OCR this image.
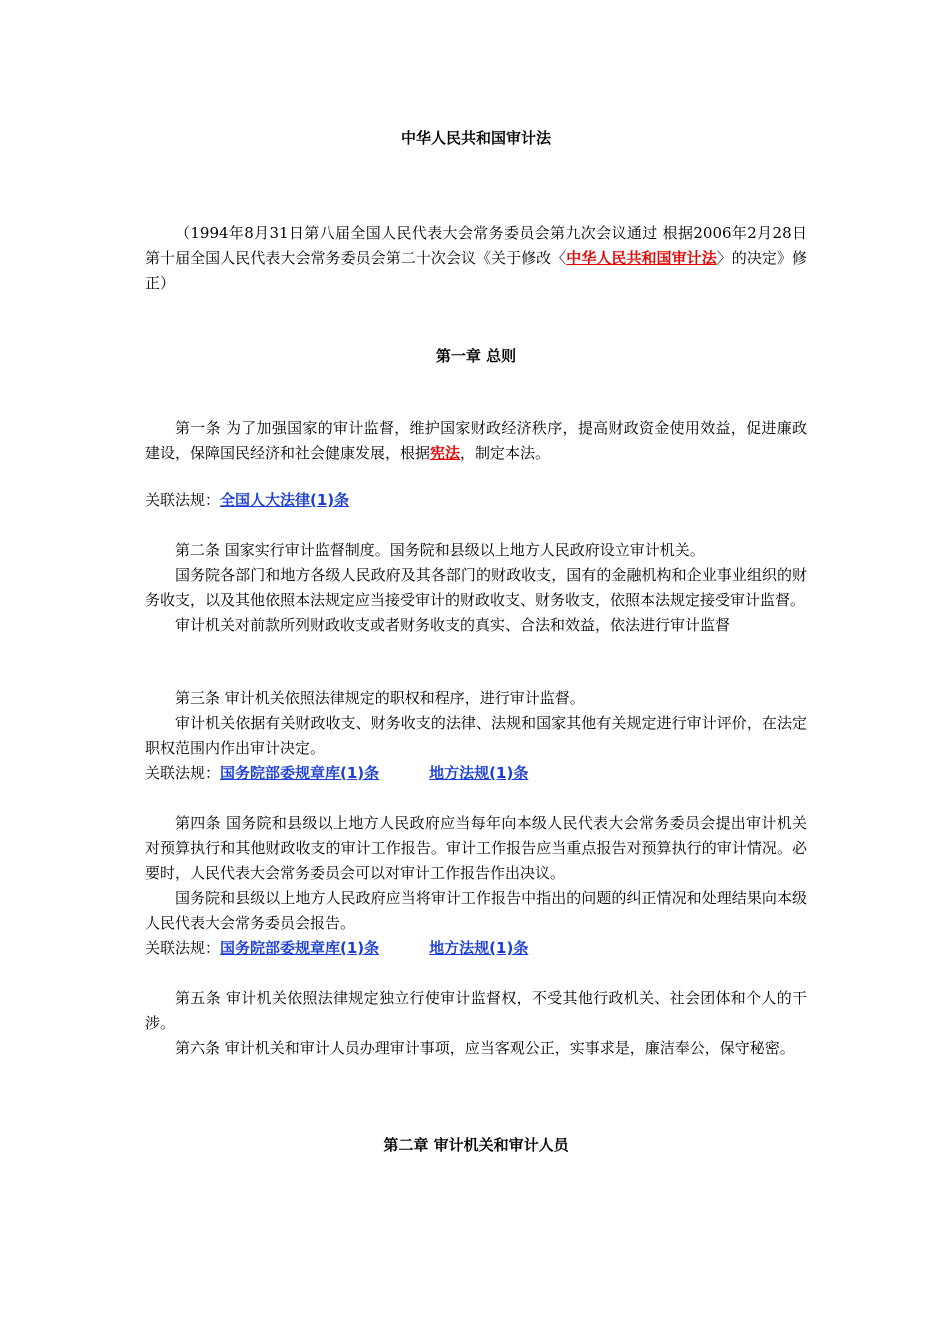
中华人民共和国审计法

（1994年8月31日第八届全国人民代表大会常务委员会第九次会议通过 根据2006年2月28日第十届全国人民代表大会常务委员会第二十次会议《关于修改〈中华人民共和国审计法〉的决定》修正）

第一章 总则

第一条 为了加强国家的审计监督，维护国家财政经济秩序，提高财政资金使用效益，促进廉政建设，保障国民经济和社会健康发展，根据宪法，制定本法。

关联法规：全国人大法律(1)条

第二条 国家实行审计监督制度。国务院和县级以上地方人民政府设立审计机关。

国务院各部门和地方各级人民政府及其各部门的财政收支，国有的金融机构和企业事业组织的财务收支，以及其他依照本法规定应当接受审计的财政收支、财务收支，依照本法规定接受审计监督。

审计机关对前款所列财政收支或者财务收支的真实、合法和效益，依法进行审计监督

第三条 审计机关依照法律规定的职权和程序，进行审计监督。

审计机关依据有关财政收支、财务收支的法律、法规和国家其他有关规定进行审计评价，在法定职权范围内作出审计决定。

关联法规：国务院部委规章库(1)条	地方法规(1)条

第四条 国务院和县级以上地方人民政府应当每年向本级人民代表大会常务委员会提出审计机关对预算执行和其他财政收支的审计工作报告。审计工作报告应当重点报告对预算执行的审计情况。必要时，人民代表大会常务委员会可以对审计工作报告作出决议。

国务院和县级以上地方人民政府应当将审计工作报告中指出的问题的纠正情况和处理结果向本级人民代表大会常务委员会报告。

关联法规：国务院部委规章库(1)条	地方法规(1)条

第五条 审计机关依照法律规定独立行使审计监督权，不受其他行政机关、社会团体和个人的干涉。

第六条 审计机关和审计人员办理审计事项，应当客观公正，实事求是，廉洁奉公，保守秘密。

第二章 审计机关和审计人员
